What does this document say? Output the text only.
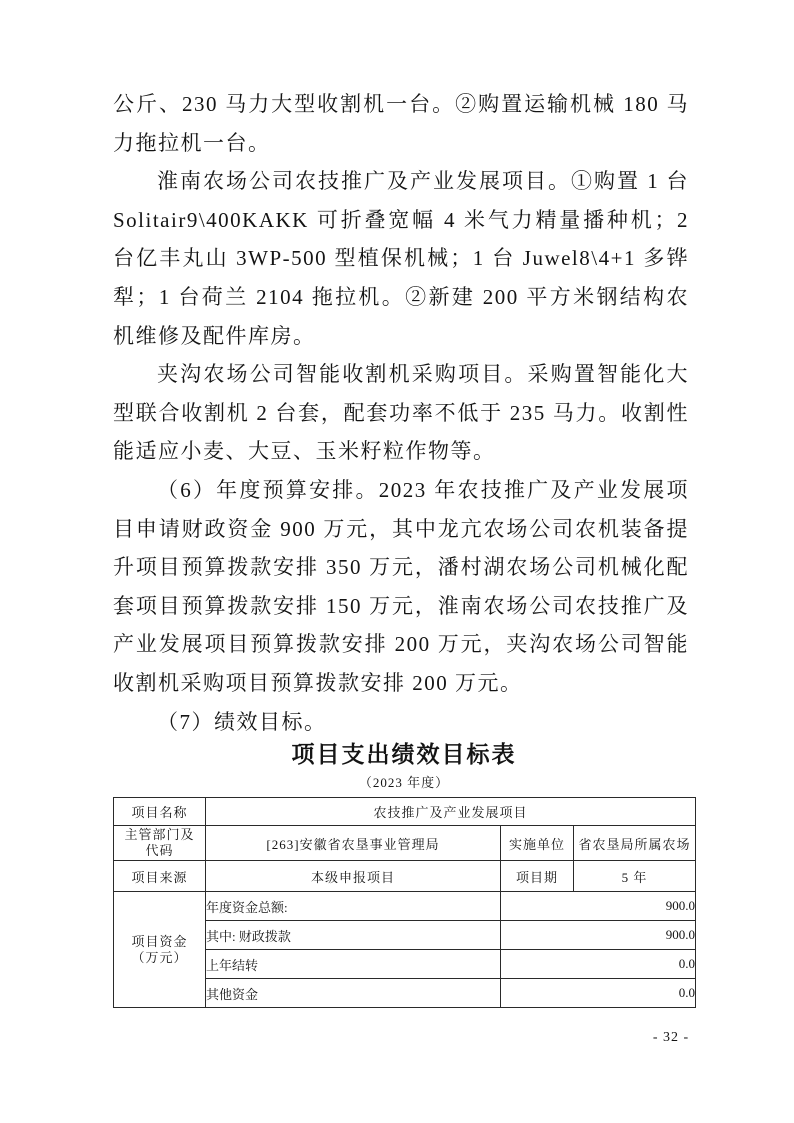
公斤、230 马力大型收割机一台。②购置运输机械 180 马力拖拉机一台。

淮南农场公司农技推广及产业发展项目。①购置 1 台 Solitair9\400KAKK 可折叠宽幅 4 米气力精量播种机；2 台亿丰丸山 3WP-500 型植保机械；1 台 Juwel8\4+1 多铧犁；1 台荷兰 2104 拖拉机。②新建 200 平方米钢结构农机维修及配件库房。

夹沟农场公司智能收割机采购项目。采购置智能化大型联合收割机 2 台套，配套功率不低于 235 马力。收割性能适应小麦、大豆、玉米籽粒作物等。

（6）年度预算安排。2023 年农技推广及产业发展项目申请财政资金 900 万元，其中龙亢农场公司农机装备提升项目预算拨款安排 350 万元，潘村湖农场公司机械化配套项目预算拨款安排 150 万元，淮南农场公司农技推广及产业发展项目预算拨款安排 200 万元，夹沟农场公司智能收割机采购项目预算拨款安排 200 万元。

（7）绩效目标。

项目支出绩效目标表
（2023 年度）
项目名称	农技推广及产业发展项目		
主管部门及
代码	[263]安徽省农垦事业管理局	实施单位	省农垦局所属农场
项目来源	本级申报项目	项目期	5 年
项目资金
（万元）	年度资金总额:	900.0	
	其中: 财政拨款	900.0	
	上年结转	0.0	
	其他资金	0.0	
- 32 -
